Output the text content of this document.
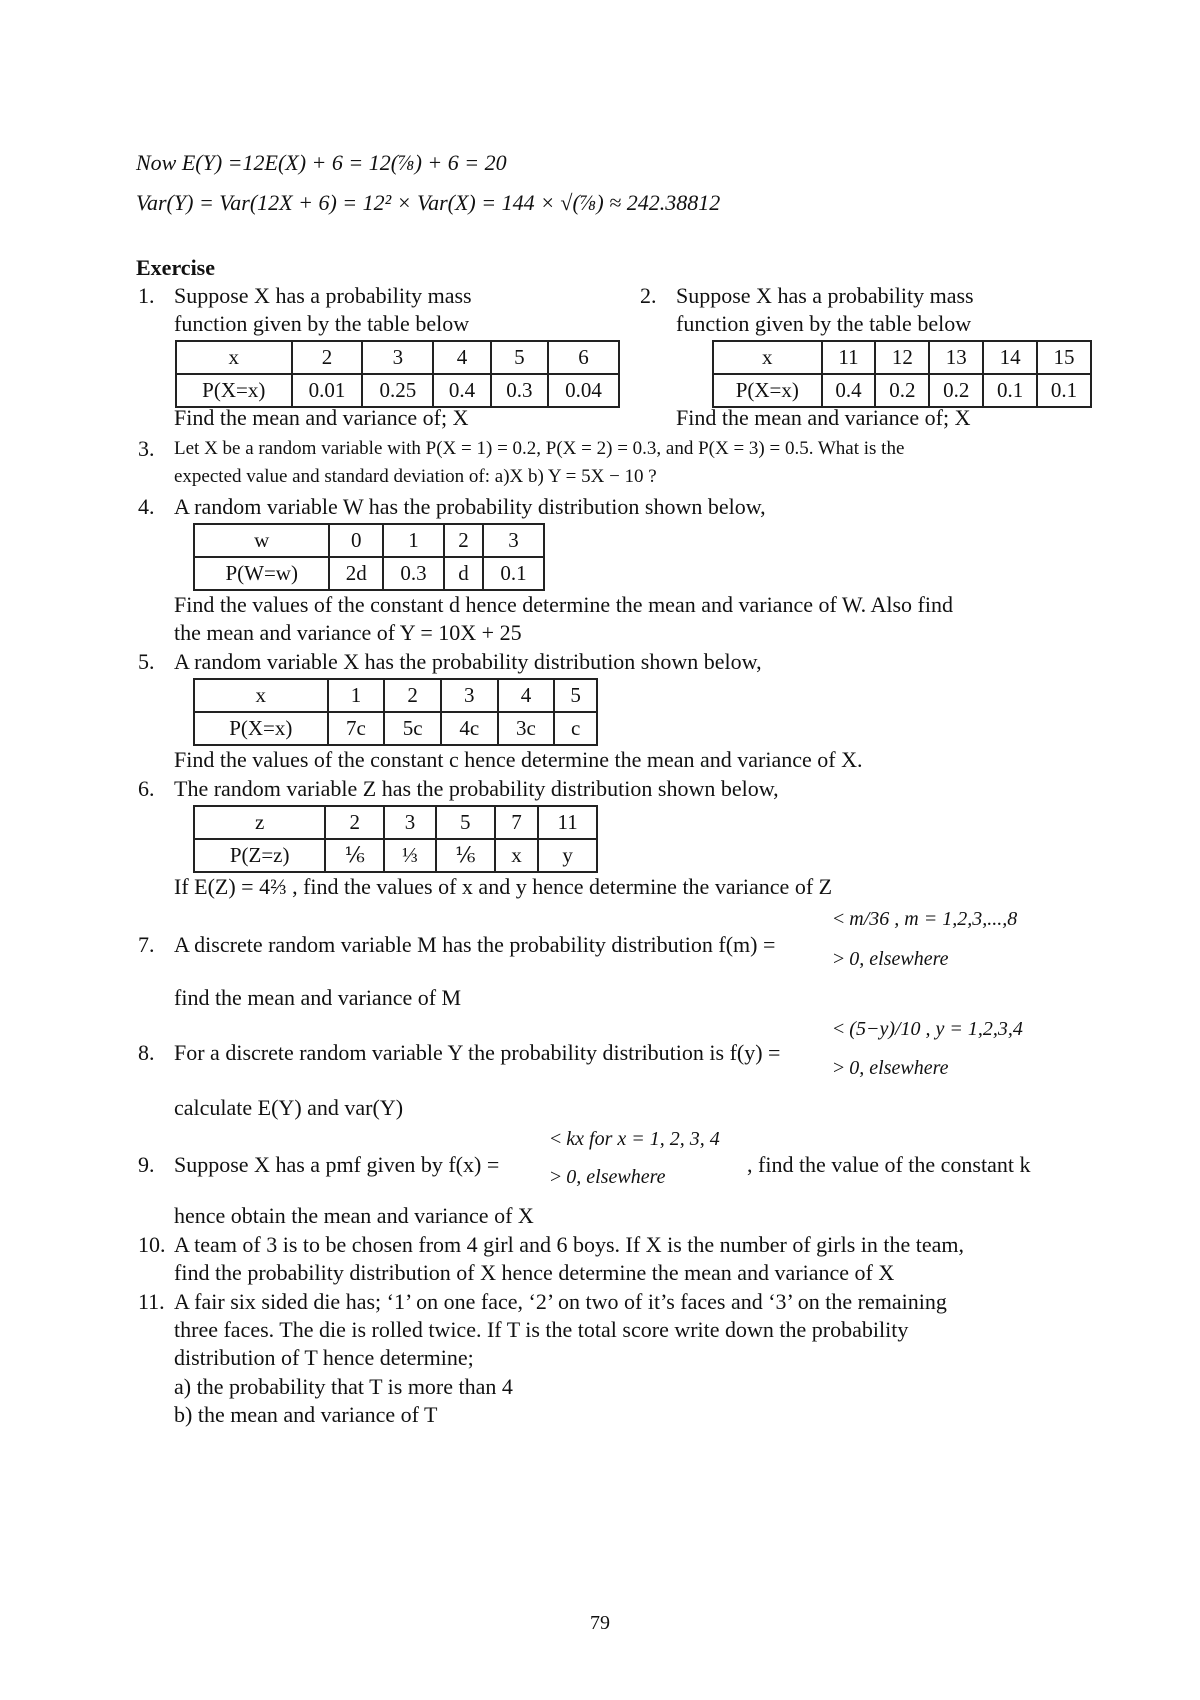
Now E(Y) =12E(X) + 6 = 12(⅞) + 6 = 20
Var(Y) = Var(12X + 6) = 12² × Var(X) = 144 × √(⅞) ≈ 242.38812
Exercise
1. Suppose X has a probability mass
function given by the table below
x	2	3	4	5	6
P(X=x)	0.01	0.25	0.4	0.3	0.04
Find the mean and variance of; X
2. Suppose X has a probability mass
function given by the table below
x	11	12	13	14	15
P(X=x)	0.4	0.2	0.2	0.1	0.1
Find the mean and variance of; X
3. Let X be a random variable with P(X = 1) = 0.2, P(X = 2) = 0.3, and P(X = 3) = 0.5. What is the
expected value and standard deviation of: a)X b) Y = 5X − 10 ?
4. A random variable W has the probability distribution shown below,
w	0	1	2	3
P(W=w)	2d	0.3	d	0.1
Find the values of the constant d hence determine the mean and variance of W. Also find
the mean and variance of Y = 10X + 25
5. A random variable X has the probability distribution shown below,
x	1	2	3	4	5
P(X=x)	7c	5c	4c	3c	c
Find the values of the constant c hence determine the mean and variance of X.
6. The random variable Z has the probability distribution shown below,
z	2	3	5	7	11
P(Z=z)	⅙	⅓	⅙	x	y
If E(Z) = 4⅔ , find the values of x and y hence determine the variance of Z
7. A discrete random variable M has the probability distribution f(m) =
< m/36 , m = 1,2,3,...,8
> 0, elsewhere
find the mean and variance of M
8. For a discrete random variable Y the probability distribution is f(y) =
< (5−y)/10 , y = 1,2,3,4
> 0, elsewhere
calculate E(Y) and var(Y)
9. Suppose X has a pmf given by f(x) =
< kx for x = 1, 2, 3, 4
> 0, elsewhere	, find the value of the constant k
hence obtain the mean and variance of X
10. A team of 3 is to be chosen from 4 girl and 6 boys. If X is the number of girls in the team,
find the probability distribution of X hence determine the mean and variance of X
11. A fair six sided die has; ‘1’ on one face, ‘2’ on two of it’s faces and ‘3’ on the remaining
three faces. The die is rolled twice. If T is the total score write down the probability
distribution of T hence determine;
a) the probability that T is more than 4
b) the mean and variance of T
79
